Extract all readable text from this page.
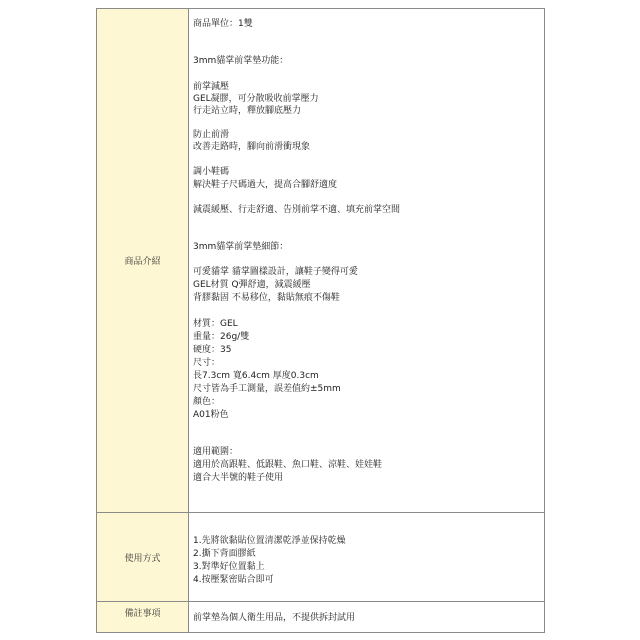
商品介紹
商品單位：1雙
3mm貓掌前掌墊功能：
前掌減壓
GEL凝膠，可分散吸收前掌壓力
行走站立時，釋放腳底壓力
防止前滑
改善走路時，腳向前滑衝現象
調小鞋碼
解決鞋子尺碼過大，提高合腳舒適度
減震緩壓、行走舒適、告別前掌不適、填充前掌空間
3mm貓掌前掌墊細節：
可愛貓掌 貓掌圖樣設計，讓鞋子變得可愛
GEL材質 Q彈舒適，減震緩壓
背膠黏固 不易移位，黏貼無痕不傷鞋
材質：GEL
重量：26g/雙
硬度：35
尺寸：
長7.3cm 寬6.4cm 厚度0.3cm
尺寸皆為手工測量，誤差值約±5mm
顏色：
A01粉色
適用範圍：
適用於高跟鞋、低跟鞋、魚口鞋、涼鞋、娃娃鞋
適合大半號的鞋子使用
使用方式
1.先將欲黏貼位置清潔乾淨並保持乾燥
2.撕下背面膠紙
3.對準好位置黏上
4.按壓緊密貼合即可
備註事項	前掌墊為個人衛生用品，不提供拆封試用
